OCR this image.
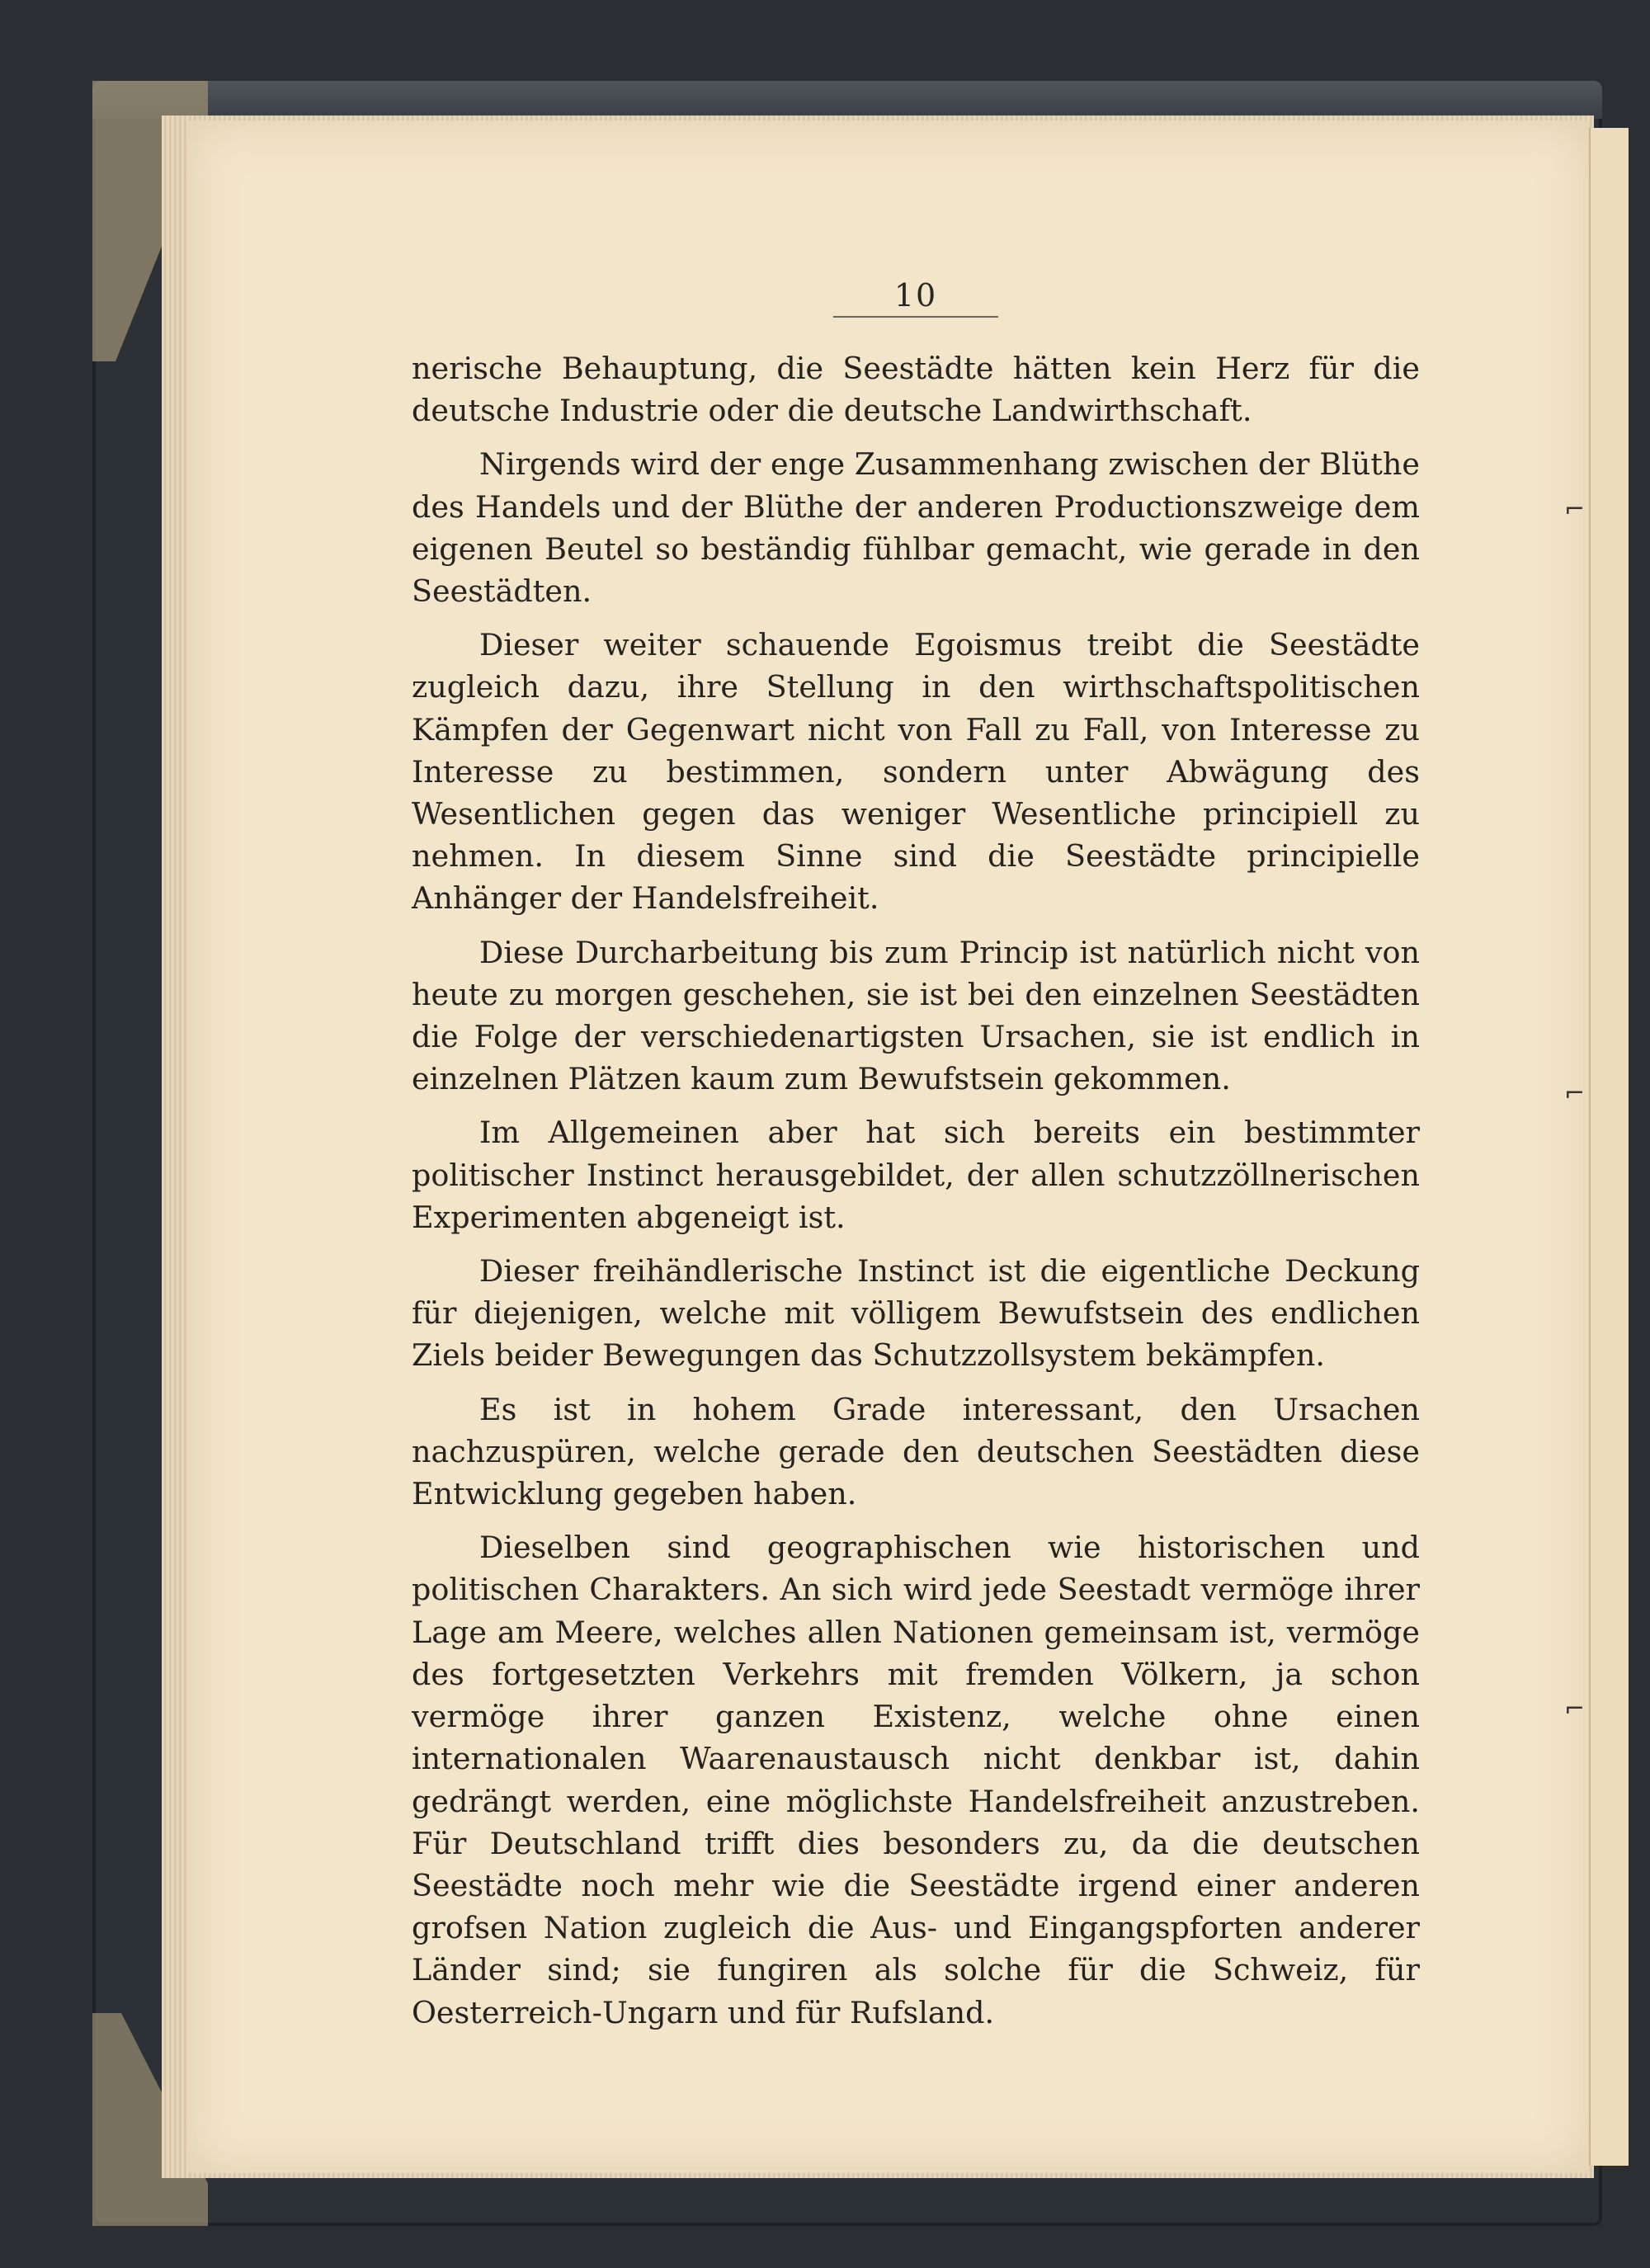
10

nerische Behauptung, die Seestädte hätten kein Herz für die deutsche Industrie oder die deutsche Landwirthschaft.

Nirgends wird der enge Zusammenhang zwischen der Blüthe des Handels und der Blüthe der anderen Productionszweige dem eigenen Beutel so beständig fühlbar gemacht, wie gerade in den Seestädten.

Dieser weiter schauende Egoismus treibt die Seestädte zugleich dazu, ihre Stellung in den wirthschaftspolitischen Kämpfen der Gegenwart nicht von Fall zu Fall, von Interesse zu Interesse zu bestimmen, sondern unter Abwägung des Wesentlichen gegen das weniger Wesentliche principiell zu nehmen. In diesem Sinne sind die Seestädte principielle Anhänger der Handelsfreiheit.

Diese Durcharbeitung bis zum Princip ist natürlich nicht von heute zu morgen geschehen, sie ist bei den einzelnen Seestädten die Folge der verschiedenartigsten Ursachen, sie ist endlich in einzelnen Plätzen kaum zum Bewufstsein gekommen.

Im Allgemeinen aber hat sich bereits ein bestimmter politischer Instinct herausgebildet, der allen schutzzöllnerischen Experimenten abgeneigt ist.

Dieser freihändlerische Instinct ist die eigentliche Deckung für diejenigen, welche mit völligem Bewufstsein des endlichen Ziels beider Bewegungen das Schutzzollsystem bekämpfen.

Es ist in hohem Grade interessant, den Ursachen nachzuspüren, welche gerade den deutschen Seestädten diese Entwicklung gegeben haben.

Dieselben sind geographischen wie historischen und politischen Charakters. An sich wird jede Seestadt vermöge ihrer Lage am Meere, welches allen Nationen gemeinsam ist, vermöge des fortgesetzten Verkehrs mit fremden Völkern, ja schon vermöge ihrer ganzen Existenz, welche ohne einen internationalen Waarenaustausch nicht denkbar ist, dahin gedrängt werden, eine möglichste Handelsfreiheit anzustreben. Für Deutschland trifft dies besonders zu, da die deutschen Seestädte noch mehr wie die Seestädte irgend einer anderen grofsen Nation zugleich die Aus- und Eingangspforten anderer Länder sind; sie fungiren als solche für die Schweiz, für Oesterreich-Ungarn und für Rufsland.

⌐
⌐
⌐
